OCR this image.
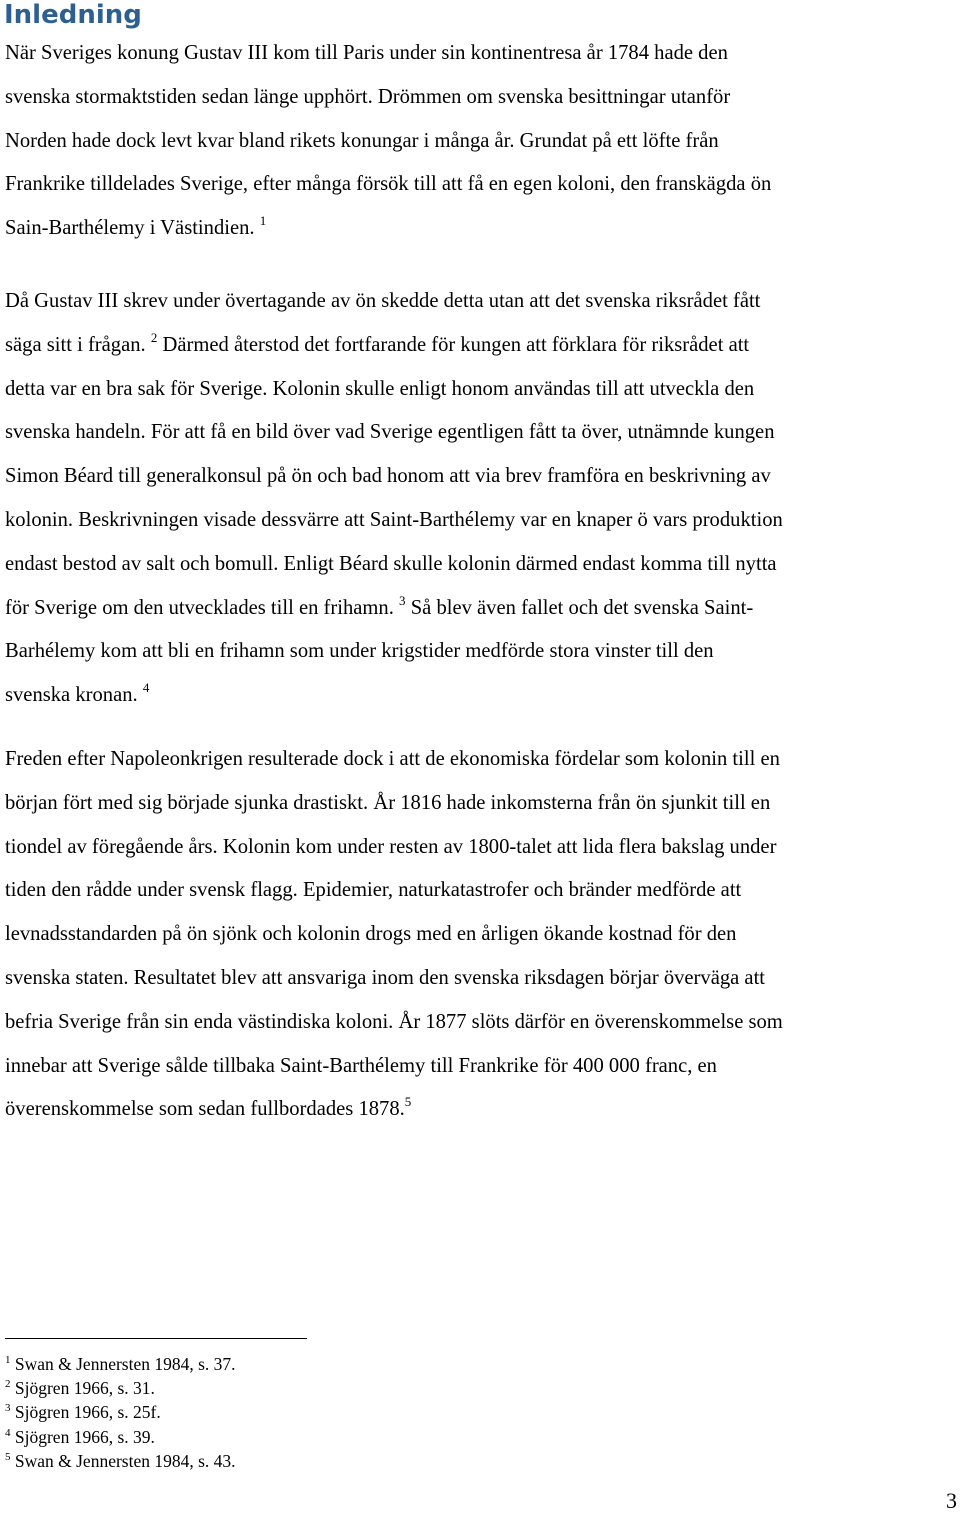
Inledning

När Sveriges konung Gustav III kom till Paris under sin kontinentresa år 1784 hade den
svenska stormaktstiden sedan länge upphört. Drömmen om svenska besittningar utanför
Norden hade dock levt kvar bland rikets konungar i många år. Grundat på ett löfte från
Frankrike tilldelades Sverige, efter många försök till att få en egen koloni, den franskägda ön
Sain-Barthélemy i Västindien. $^1$

Då Gustav III skrev under övertagande av ön skedde detta utan att det svenska riksrådet fått
säga sitt i frågan. $^2$ Därmed återstod det fortfarande för kungen att förklara för riksrådet att
detta var en bra sak för Sverige. Kolonin skulle enligt honom användas till att utveckla den
svenska handeln. För att få en bild över vad Sverige egentligen fått ta över, utnämnde kungen
Simon Béard till generalkonsul på ön och bad honom att via brev framföra en beskrivning av
kolonin. Beskrivningen visade dessvärre att Saint-Barthélemy var en knaper ö vars produktion
endast bestod av salt och bomull. Enligt Béard skulle kolonin därmed endast komma till nytta
för Sverige om den utvecklades till en frihamn. $^3$ Så blev även fallet och det svenska Saint-
Barhélemy kom att bli en frihamn som under krigstider medförde stora vinster till den
svenska kronan. $^4$

Freden efter Napoleonkrigen resulterade dock i att de ekonomiska fördelar som kolonin till en
början fört med sig började sjunka drastiskt. År 1816 hade inkomsterna från ön sjunkit till en
tiondel av föregående års. Kolonin kom under resten av 1800-talet att lida flera bakslag under
tiden den rådde under svensk flagg. Epidemier, naturkatastrofer och bränder medförde att
levnadsstandarden på ön sjönk och kolonin drogs med en årligen ökande kostnad för den
svenska staten. Resultatet blev att ansvariga inom den svenska riksdagen börjar överväga att
befria Sverige från sin enda västindiska koloni. År 1877 slöts därför en överenskommelse som
innebar att Sverige sålde tillbaka Saint-Barthélemy till Frankrike för 400 000 franc, en
överenskommelse som sedan fullbordades 1878.$^5$

$^1$ Swan & Jennersten 1984, s. 37.
$^2$ Sjögren 1966, s. 31.
$^3$ Sjögren 1966, s. 25f.
$^4$ Sjögren 1966, s. 39.
$^5$ Swan & Jennersten 1984, s. 43.
3
